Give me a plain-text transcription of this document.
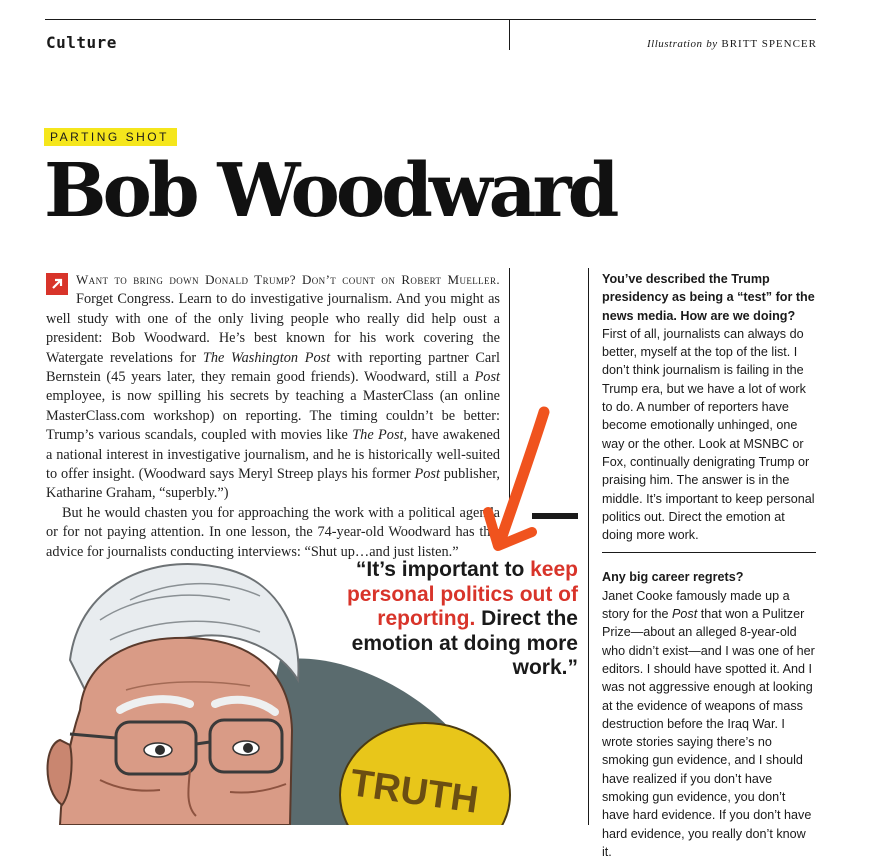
Culture	Illustration by BRITT SPENCER
PARTING SHOT
Bob Woodward

Want to bring down Donald Trump? Don’t count on Robert Mueller. Forget Congress. Learn to do investigative journalism. And you might as well study with one of the only living people who really did help oust a president: Bob Woodward. He’s best known for his work covering the Watergate revelations for The Washington Post with reporting partner Carl Bernstein (45 years later, they remain good friends). Woodward, still a Post employee, is now spilling his secrets by teaching a MasterClass (an online MasterClass.com workshop) on reporting. The timing couldn’t be better: Trump’s various scandals, coupled with movies like The Post, have awakened a national interest in investigative journalism, and he is historically well-suited to offer insight. (Woodward says Meryl Streep plays his former Post publisher, Katharine Graham, “superbly.”)

But he would chasten you for approaching the work with a political agenda or for not paying attention. In one lesson, the 74-year-old Woodward has this advice for journalists conducting interviews: “Shut up…and just listen.”

You’ve described the Trump presidency as being a “test” for the news media. How are we doing?

First of all, journalists can always do better, myself at the top of the list. I don’t think journalism is failing in the Trump era, but we have a lot of work to do. A number of reporters have become emotionally unhinged, one way or the other. Look at MSNBC or Fox, continually denigrating Trump or praising him. The answer is in the middle. It’s important to keep personal politics out. Direct the emotion at doing more work.

Any big career regrets?

Janet Cooke famously made up a story for the Post that won a Pulitzer Prize—about an alleged 8-year-old who didn’t exist—and I was one of her editors. I should have spotted it. And I was not aggressive enough at looking at the evidence of weapons of mass destruction before the Iraq War. I wrote stories saying there’s no smoking gun evidence, and I should have realized if you don’t have smoking gun evidence, you don’t have hard evidence. If you don’t have hard evidence, you really don’t know it.

“It’s important to keep personal politics out of reporting. Direct the emotion at doing more work.”

TRUTH
